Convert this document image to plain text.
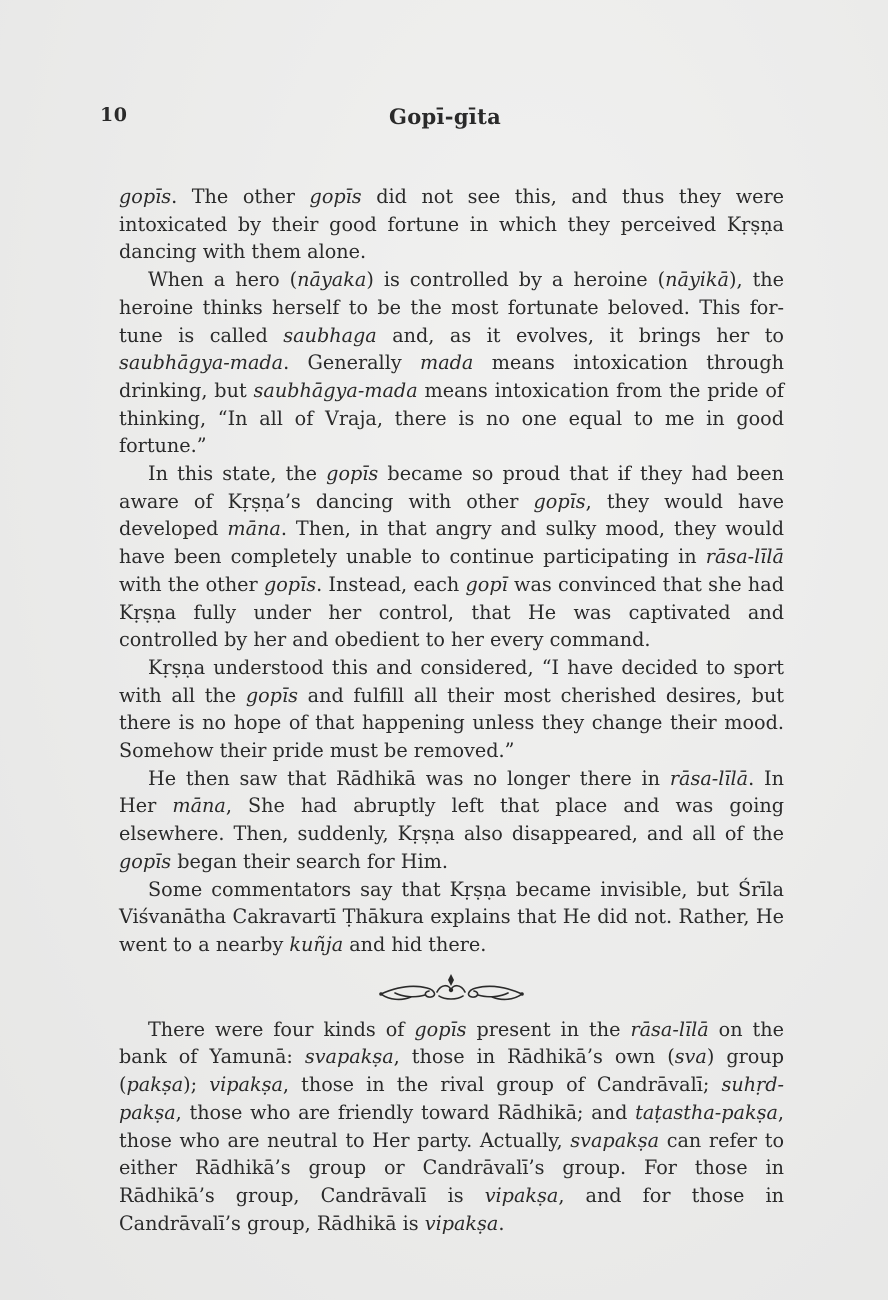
10	Gopī-gīta

gopīs. The other gopīs did not see this, and thus they were intoxicated by their good fortune in which they perceived Kṛṣṇa dancing with them alone.

When a hero (nāyaka) is controlled by a heroine (nāyikā), the heroine thinks herself to be the most fortunate beloved. This fortune is called saubhaga and, as it evolves, it brings her to saubhāgya-mada. Generally mada means intoxication through drinking, but saubhāgya-mada means intoxication from the pride of thinking, “In all of Vraja, there is no one equal to me in good fortune.”

In this state, the gopīs became so proud that if they had been aware of Kṛṣṇa’s dancing with other gopīs, they would have developed māna. Then, in that angry and sulky mood, they would have been completely unable to continue participating in rāsa-līlā with the other gopīs. Instead, each gopī was convinced that she had Kṛṣṇa fully under her control, that He was captivated and controlled by her and obedient to her every command.

Kṛṣṇa understood this and considered, “I have decided to sport with all the gopīs and fulfill all their most cherished desires, but there is no hope of that happening unless they change their mood. Somehow their pride must be removed.”

He then saw that Rādhikā was no longer there in rāsa-līlā. In Her māna, She had abruptly left that place and was going elsewhere. Then, suddenly, Kṛṣṇa also disappeared, and all of the gopīs began their search for Him.

Some commentators say that Kṛṣṇa became invisible, but Śrīla Viśvanātha Cakravartī Ṭhākura explains that He did not. Rather, He went to a nearby kuñja and hid there.

There were four kinds of gopīs present in the rāsa-līlā on the bank of Yamunā: svapakṣa, those in Rādhikā’s own (sva) group (pakṣa); vipakṣa, those in the rival group of Candrāvalī; suhṛd-pakṣa, those who are friendly toward Rādhikā; and taṭastha-pakṣa, those who are neutral to Her party. Actually, svapakṣa can refer to either Rādhikā’s group or Candrāvalī’s group. For those in Rādhikā’s group, Candrāvalī is vipakṣa, and for those in Candrāvalī’s group, Rādhikā is vipakṣa.
